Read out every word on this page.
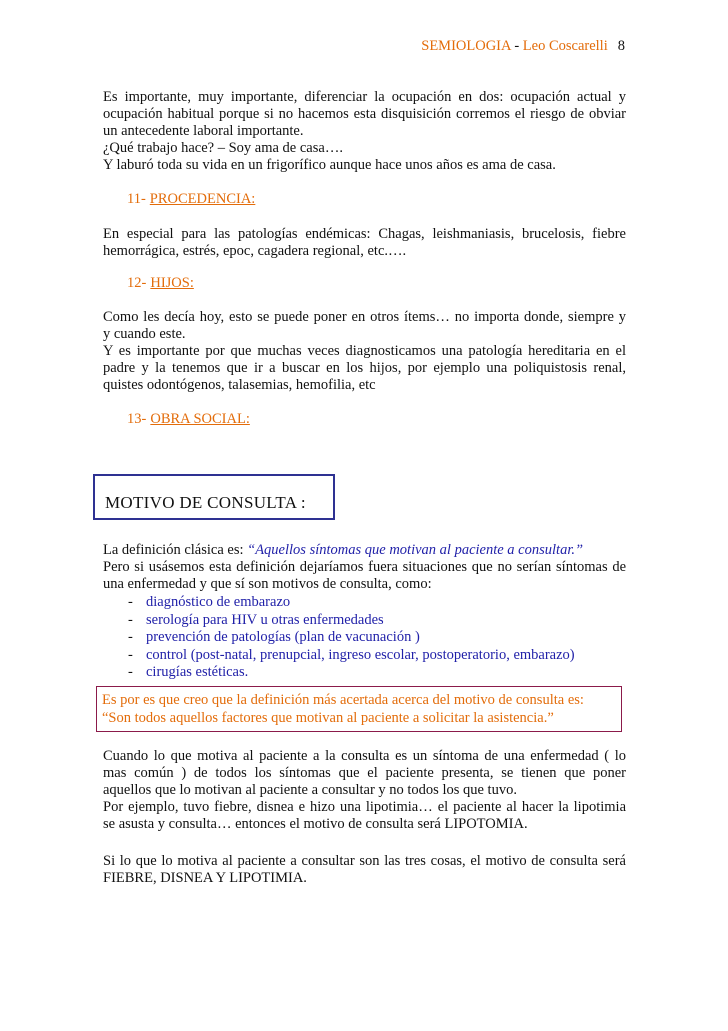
SEMIOLOGIA - Leo Coscarelli 8

Es importante, muy importante, diferenciar la ocupación en dos: ocupación actual y
ocupación habitual porque si no hacemos esta disquisición corremos el riesgo de obviar
un antecedente laboral importante.
¿Qué trabajo hace? – Soy ama de casa….
Y laburó toda su vida en un frigorífico aunque hace unos años es ama de casa.

11- PROCEDENCIA:

En especial para las patologías endémicas: Chagas, leishmaniasis, brucelosis, fiebre
hemorrágica, estrés, epoc, cagadera regional, etc.….

12- HIJOS:

Como les decía hoy, esto se puede poner en otros ítems… no importa donde, siempre y
y cuando este.
Y es importante por que muchas veces diagnosticamos una patología hereditaria en el
padre y la tenemos que ir a buscar en los hijos, por ejemplo una poliquistosis renal,
quistes odontógenos, talasemias, hemofilia, etc

13- OBRA SOCIAL:
MOTIVO DE CONSULTA :

La definición clásica es: “Aquellos síntomas que motivan al paciente a consultar.”
Pero si usásemos esta definición dejaríamos fuera situaciones que no serían síntomas de
una enfermedad y que sí son motivos de consulta, como:

- diagnóstico de embarazo
- serología para HIV u otras enfermedades
- prevención de patologías (plan de vacunación )
- control (post-natal, prenupcial, ingreso escolar, postoperatorio, embarazo)
- cirugías estéticas.
Es por es que creo que la definición más acertada acerca del motivo de consulta es:
“Son todos aquellos factores que motivan al paciente a solicitar la asistencia.”

Cuando lo que motiva al paciente a la consulta es un síntoma de una enfermedad ( lo
mas común ) de todos los síntomas que el paciente presenta, se tienen que poner
aquellos que lo motivan al paciente a consultar y no todos los que tuvo.
Por ejemplo, tuvo fiebre, disnea e hizo una lipotimia… el paciente al hacer la lipotimia
se asusta y consulta… entonces el motivo de consulta será LIPOTOMIA.

Si lo que lo motiva al paciente a consultar son las tres cosas, el motivo de consulta será
FIEBRE, DISNEA Y LIPOTIMIA.
